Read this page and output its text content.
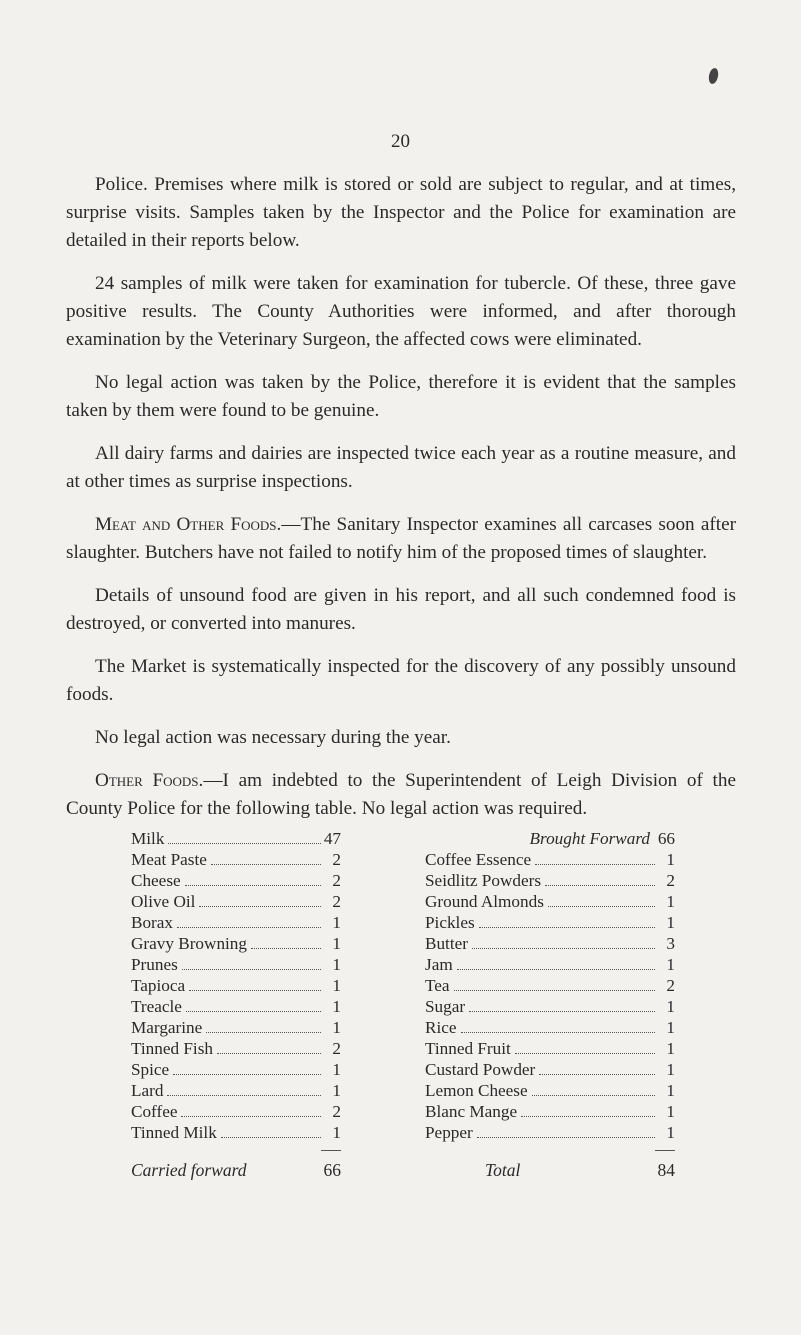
20

Police. Premises where milk is stored or sold are subject to regular, and at times, surprise visits. Samples taken by the Inspector and the Police for examination are detailed in their reports below.

24 samples of milk were taken for examination for tubercle. Of these, three gave positive results. The County Authorities were informed, and after thorough examination by the Veterinary Surgeon, the affected cows were eliminated.

No legal action was taken by the Police, therefore it is evident that the samples taken by them were found to be genuine.

All dairy farms and dairies are inspected twice each year as a routine measure, and at other times as surprise inspections.

Meat and Other Foods.—The Sanitary Inspector examines all carcases soon after slaughter. Butchers have not failed to notify him of the proposed times of slaughter.

Details of unsound food are given in his report, and all such condemned food is destroyed, or converted into manures.

The Market is systematically inspected for the discovery of any possibly unsound foods.

No legal action was necessary during the year.

Other Foods.—I am indebted to the Superintendent of Leigh Division of the County Police for the following table. No legal action was required.

Milk	47
Meat Paste	2
Cheese	2
Olive Oil	2
Borax	1
Gravy Browning	1
Prunes	1
Tapioca	1
Treacle	1
Margarine	1
Tinned Fish	2
Spice	1
Lard	1
Coffee	2
Tinned Milk	1
Carried forward	66
Brought Forward 66
Coffee Essence	1
Seidlitz Powders	2
Ground Almonds	1
Pickles	1
Butter	3
Jam	1
Tea	2
Sugar	1
Rice	1
Tinned Fruit	1
Custard Powder	1
Lemon Cheese	1
Blanc Mange	1
Pepper	1
Total	84
